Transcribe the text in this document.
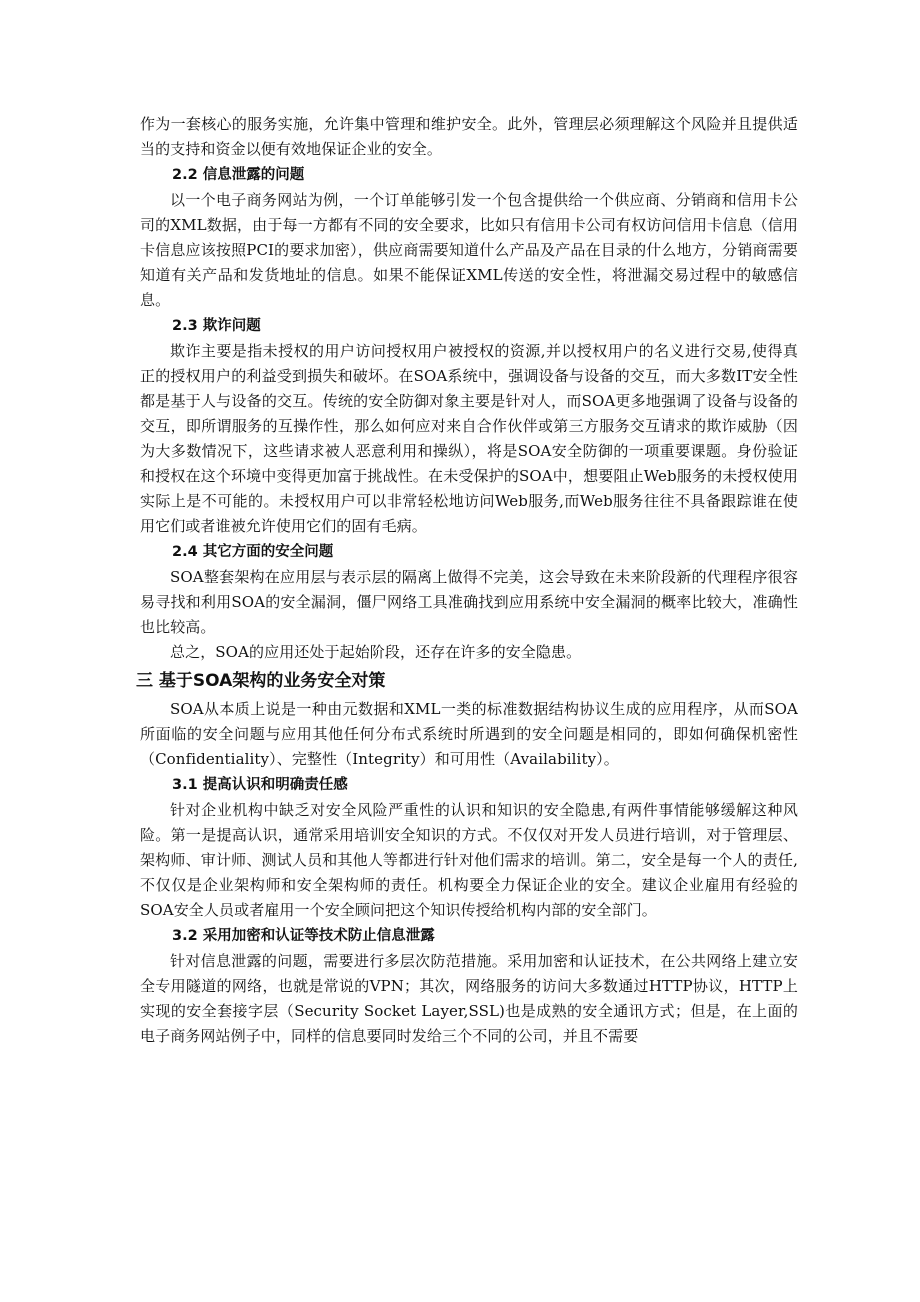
作为一套核心的服务实施，允许集中管理和维护安全。此外，管理层必须理解这个风险并且提供适当的支持和资金以便有效地保证企业的安全。

2.2 信息泄露的问题

以一个电子商务网站为例，一个订单能够引发一个包含提供给一个供应商、分销商和信用卡公司的XML数据，由于每一方都有不同的安全要求，比如只有信用卡公司有权访问信用卡信息（信用卡信息应该按照PCI的要求加密），供应商需要知道什么产品及产品在目录的什么地方，分销商需要知道有关产品和发货地址的信息。如果不能保证XML传送的安全性，将泄漏交易过程中的敏感信息。

2.3 欺诈问题

欺诈主要是指未授权的用户访问授权用户被授权的资源,并以授权用户的名义进行交易,使得真正的授权用户的利益受到损失和破坏。在SOA系统中，强调设备与设备的交互，而大多数IT安全性都是基于人与设备的交互。传统的安全防御对象主要是针对人，而SOA更多地强调了设备与设备的交互，即所谓服务的互操作性，那么如何应对来自合作伙伴或第三方服务交互请求的欺诈威胁（因为大多数情况下，这些请求被人恶意利用和操纵），将是SOA安全防御的一项重要课题。身份验证和授权在这个环境中变得更加富于挑战性。在未受保护的SOA中，想要阻止Web服务的未授权使用实际上是不可能的。未授权用户可以非常轻松地访问Web服务,而Web服务往往不具备跟踪谁在使用它们或者谁被允许使用它们的固有毛病。

2.4 其它方面的安全问题

SOA整套架构在应用层与表示层的隔离上做得不完美，这会导致在未来阶段新的代理程序很容易寻找和利用SOA的安全漏洞，僵尸网络工具准确找到应用系统中安全漏洞的概率比较大，准确性也比较高。

总之，SOA的应用还处于起始阶段，还存在许多的安全隐患。

三 基于SOA架构的业务安全对策

SOA从本质上说是一种由元数据和XML一类的标准数据结构协议生成的应用程序，从而SOA所面临的安全问题与应用其他任何分布式系统时所遇到的安全问题是相同的，即如何确保机密性（Confidentiality）、完整性（Integrity）和可用性（Availability）。

3.1 提高认识和明确责任感

针对企业机构中缺乏对安全风险严重性的认识和知识的安全隐患,有两件事情能够缓解这种风险。第一是提高认识，通常采用培训安全知识的方式。不仅仅对开发人员进行培训，对于管理层、架构师、审计师、测试人员和其他人等都进行针对他们需求的培训。第二，安全是每一个人的责任,不仅仅是企业架构师和安全架构师的责任。机构要全力保证企业的安全。建议企业雇用有经验的SOA安全人员或者雇用一个安全顾问把这个知识传授给机构内部的安全部门。

3.2 采用加密和认证等技术防止信息泄露

针对信息泄露的问题，需要进行多层次防范措施。采用加密和认证技术，在公共网络上建立安全专用隧道的网络，也就是常说的VPN；其次，网络服务的访问大多数通过HTTP协议，HTTP上实现的安全套接字层（Security Socket Layer,SSL)也是成熟的安全通讯方式；但是，在上面的电子商务网站例子中，同样的信息要同时发给三个不同的公司，并且不需要
